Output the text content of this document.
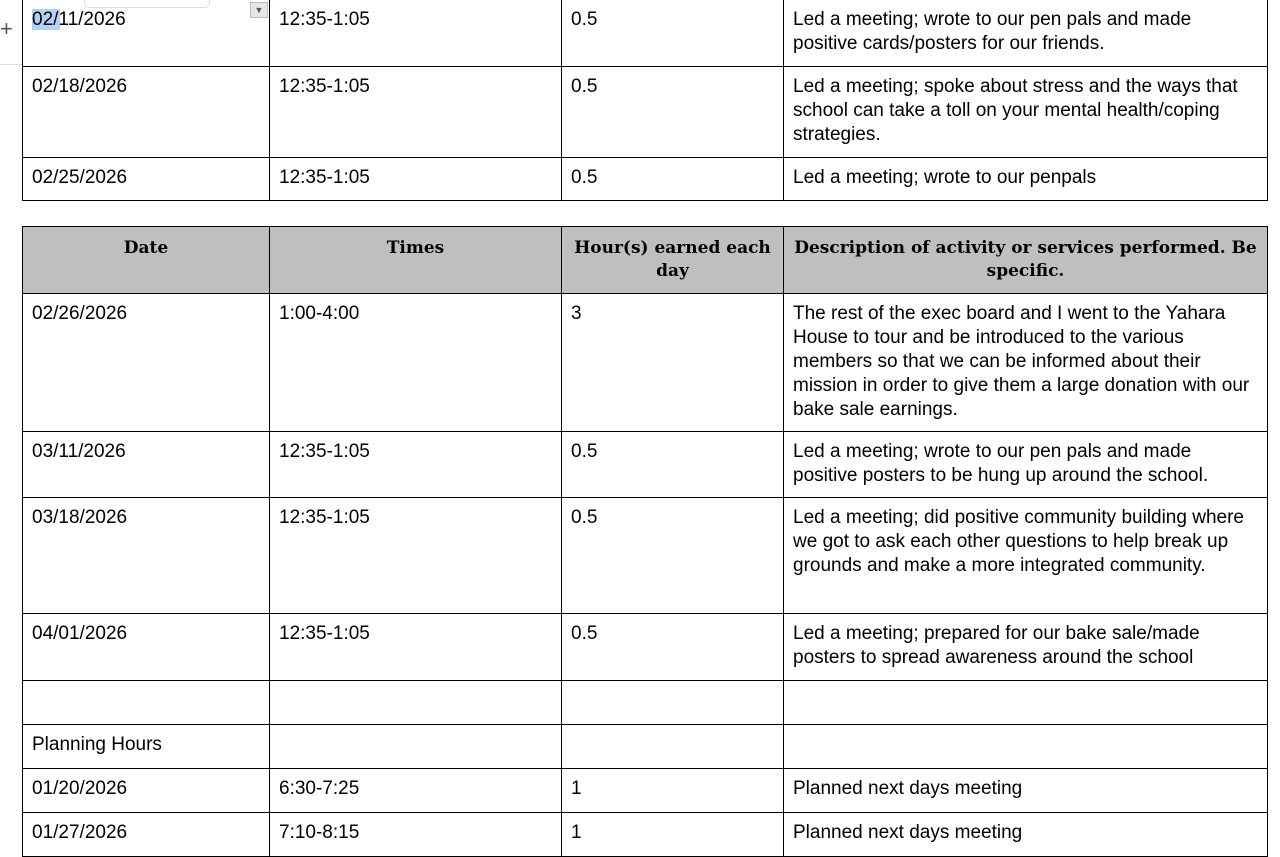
+ 02/11/2026	12:35-1:05	0.5	Led a meeting; wrote to our pen pals and made positive cards/posters for our friends.
02/18/2026	12:35-1:05	0.5	Led a meeting; spoke about stress and the ways that school can take a toll on your mental health/coping strategies.
02/25/2026	12:35-1:05	0.5	Led a meeting; wrote to our penpals
▼
Date	Times	Hour(s) earned each day	Description of activity or services performed. Be specific.
02/26/2026	1:00-4:00	3	The rest of the exec board and I went to the Yahara House to tour and be introduced to the various members so that we can be informed about their mission in order to give them a large donation with our bake sale earnings.
03/11/2026	12:35-1:05	0.5	Led a meeting; wrote to our pen pals and made positive posters to be hung up around the school.
03/18/2026	12:35-1:05	0.5	Led a meeting; did positive community building where we got to ask each other questions to help break up grounds and make a more integrated community.
04/01/2026	12:35-1:05	0.5	Led a meeting; prepared for our bake sale/made posters to spread awareness around the school

Planning Hours			
01/20/2026	6:30-7:25	1	Planned next days meeting
01/27/2026	7:10-8:15	1	Planned next days meeting
